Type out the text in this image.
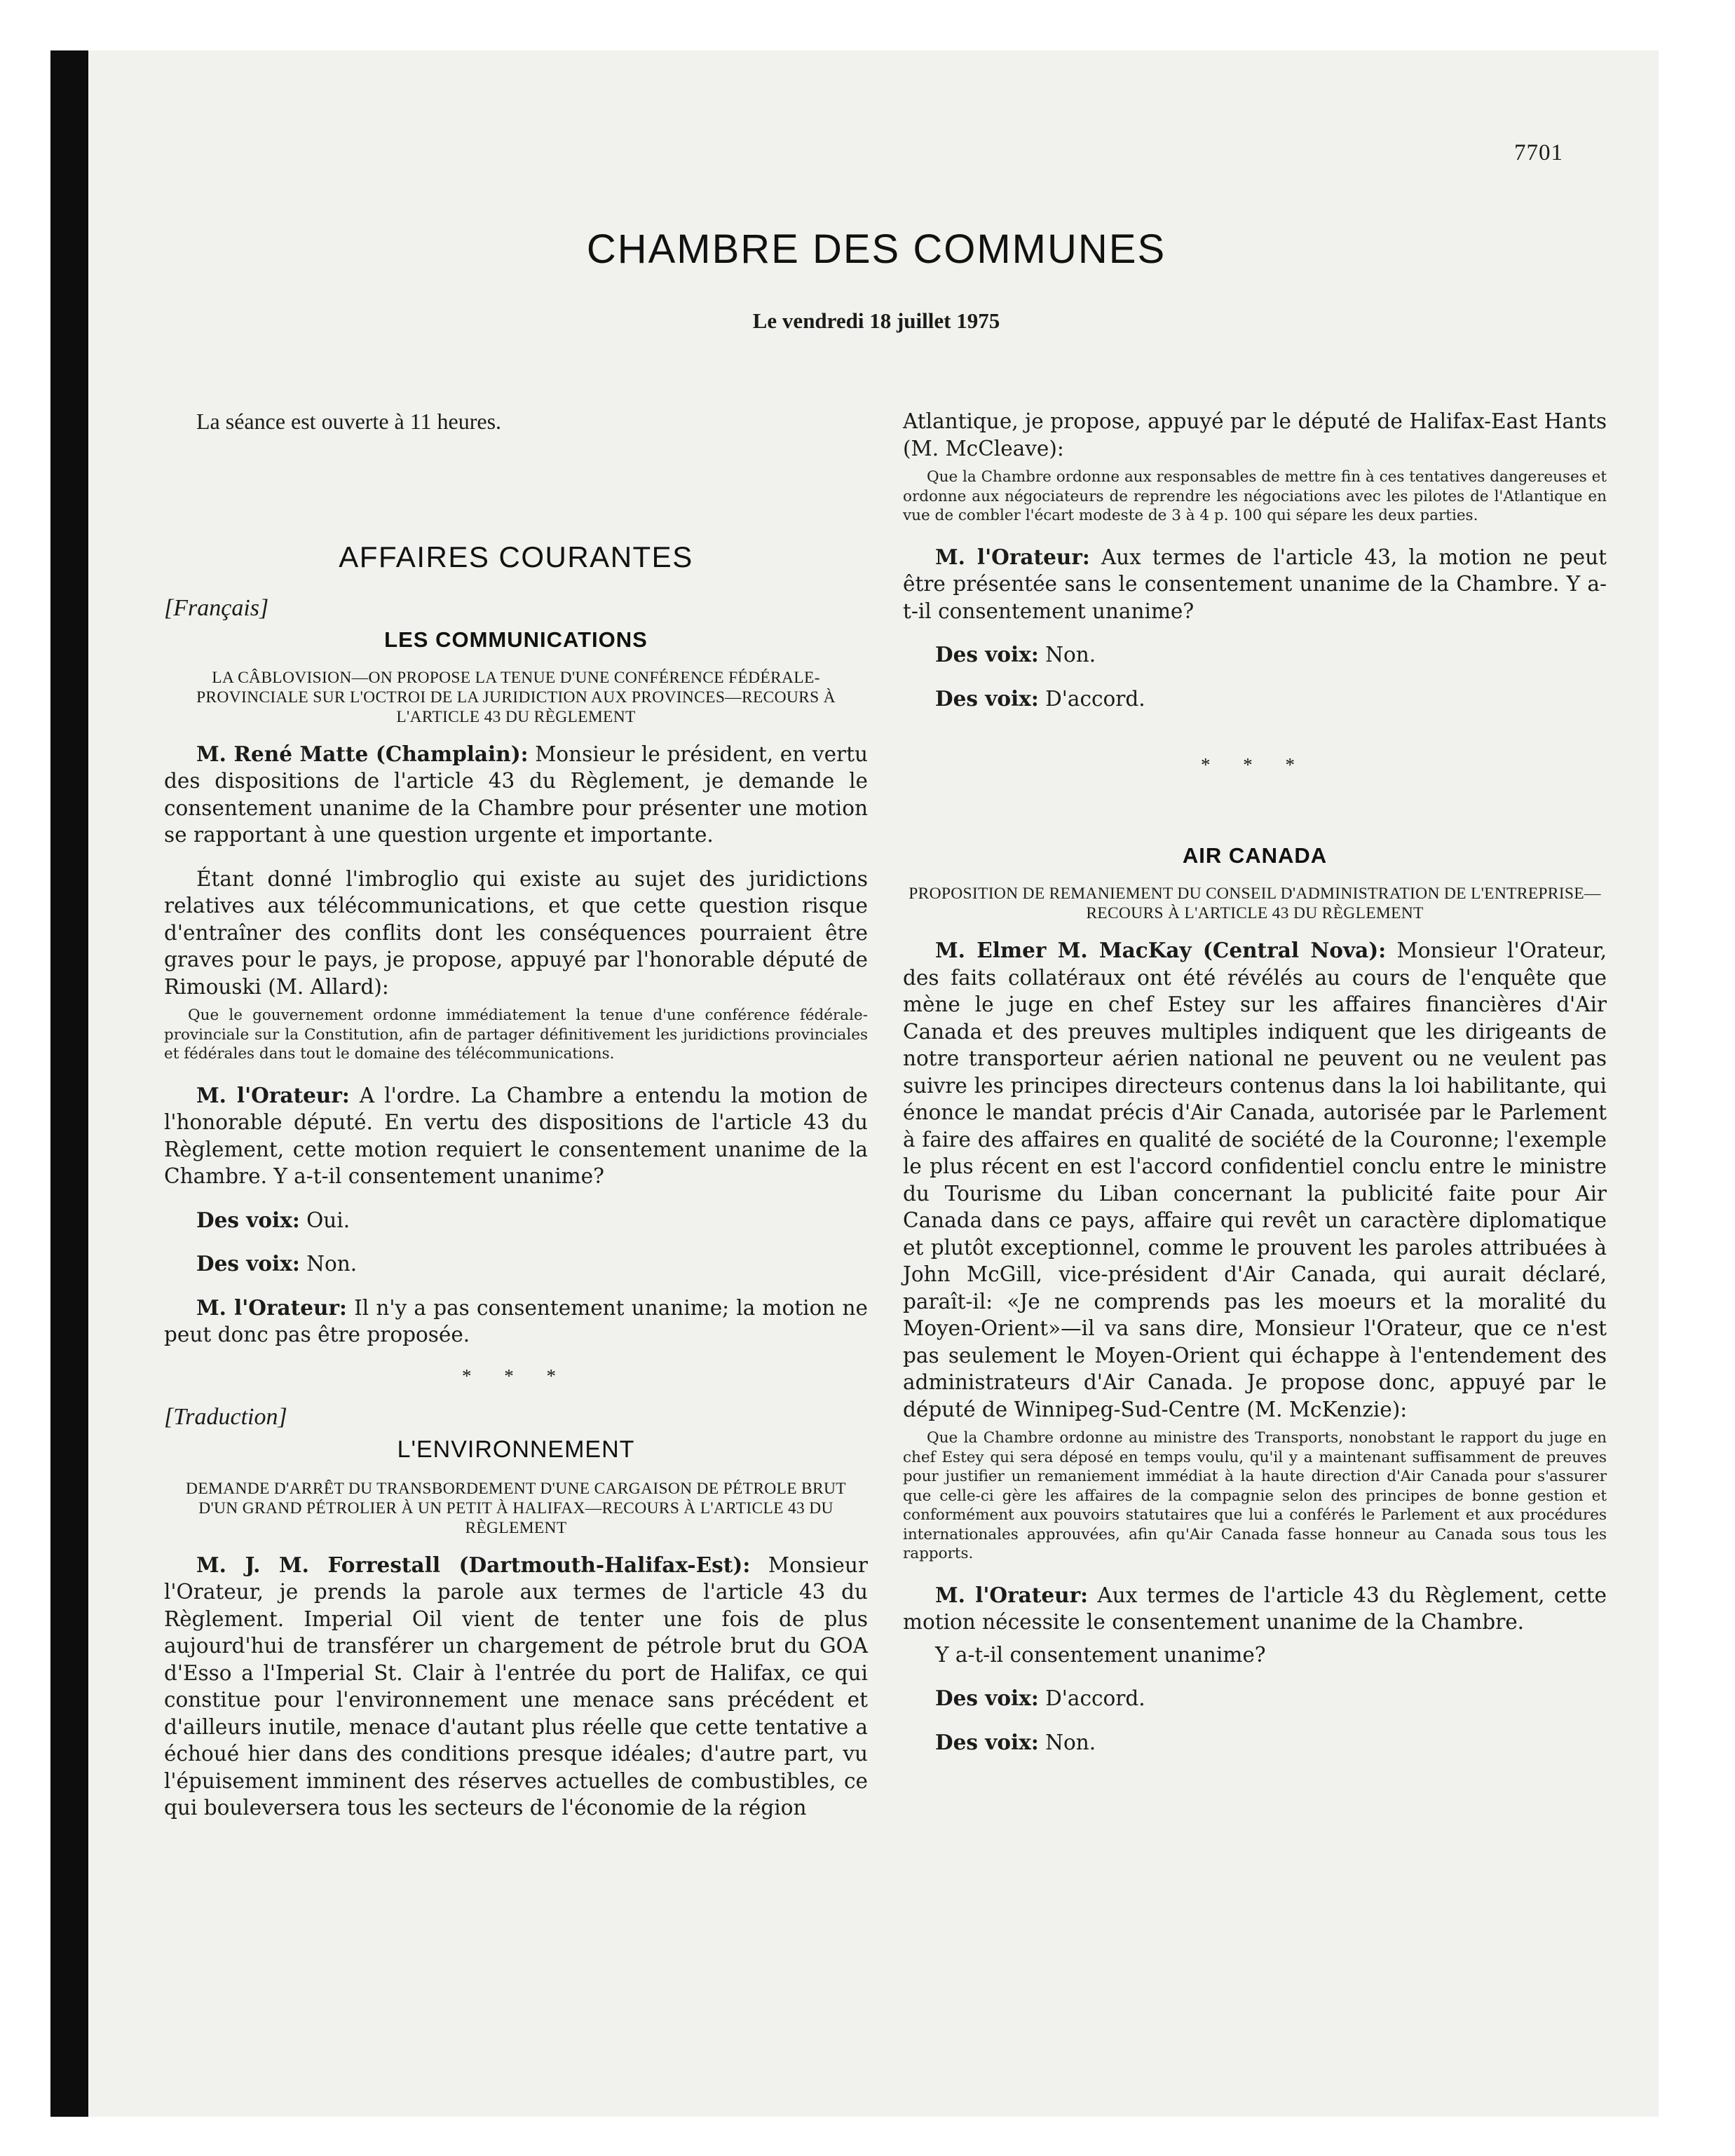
7701
CHAMBRE DES COMMUNES
Le vendredi 18 juillet 1975

La séance est ouverte à 11 heures.

AFFAIRES COURANTES
[Français]
LES COMMUNICATIONS
LA CÂBLOVISION—ON PROPOSE LA TENUE D'UNE CONFÉRENCE FÉDÉRALE-PROVINCIALE SUR L'OCTROI DE LA JURIDICTION AUX PROVINCES—RECOURS À L'ARTICLE 43 DU RÈGLEMENT

M. René Matte (Champlain): Monsieur le président, en vertu des dispositions de l'article 43 du Règlement, je demande le consentement unanime de la Chambre pour présenter une motion se rapportant à une question urgente et importante.

Étant donné l'imbroglio qui existe au sujet des juridictions relatives aux télécommunications, et que cette question risque d'entraîner des conflits dont les conséquences pourraient être graves pour le pays, je propose, appuyé par l'honorable député de Rimouski (M. Allard):

Que le gouvernement ordonne immédiatement la tenue d'une conférence fédérale-provinciale sur la Constitution, afin de partager définitivement les juridictions provinciales et fédérales dans tout le domaine des télécommunications.

M. l'Orateur: A l'ordre. La Chambre a entendu la motion de l'honorable député. En vertu des dispositions de l'article 43 du Règlement, cette motion requiert le consentement unanime de la Chambre. Y a-t-il consentement unanime?

Des voix: Oui.

Des voix: Non.

M. l'Orateur: Il n'y a pas consentement unanime; la motion ne peut donc pas être proposée.

* * *
[Traduction]
L'ENVIRONNEMENT
DEMANDE D'ARRÊT DU TRANSBORDEMENT D'UNE CARGAISON DE PÉTROLE BRUT D'UN GRAND PÉTROLIER À UN PETIT À HALIFAX—RECOURS À L'ARTICLE 43 DU RÈGLEMENT

M. J. M. Forrestall (Dartmouth-Halifax-Est): Monsieur l'Orateur, je prends la parole aux termes de l'article 43 du Règlement. Imperial Oil vient de tenter une fois de plus aujourd'hui de transférer un chargement de pétrole brut du GOA d'Esso a l'Imperial St. Clair à l'entrée du port de Halifax, ce qui constitue pour l'environnement une menace sans précédent et d'ailleurs inutile, menace d'autant plus réelle que cette tentative a échoué hier dans des conditions presque idéales; d'autre part, vu l'épuisement imminent des réserves actuelles de combustibles, ce qui bouleversera tous les secteurs de l'économie de la région

Atlantique, je propose, appuyé par le député de Halifax-East Hants (M. McCleave):

Que la Chambre ordonne aux responsables de mettre fin à ces tentatives dangereuses et ordonne aux négociateurs de reprendre les négociations avec les pilotes de l'Atlantique en vue de combler l'écart modeste de 3 à 4 p. 100 qui sépare les deux parties.

M. l'Orateur: Aux termes de l'article 43, la motion ne peut être présentée sans le consentement unanime de la Chambre. Y a-t-il consentement unanime?

Des voix: Non.

Des voix: D'accord.

* * *
AIR CANADA
PROPOSITION DE REMANIEMENT DU CONSEIL D'ADMINISTRATION DE L'ENTREPRISE—RECOURS À L'ARTICLE 43 DU RÈGLEMENT

M. Elmer M. MacKay (Central Nova): Monsieur l'Orateur, des faits collatéraux ont été révélés au cours de l'enquête que mène le juge en chef Estey sur les affaires financières d'Air Canada et des preuves multiples indiquent que les dirigeants de notre transporteur aérien national ne peuvent ou ne veulent pas suivre les principes directeurs contenus dans la loi habilitante, qui énonce le mandat précis d'Air Canada, autorisée par le Parlement à faire des affaires en qualité de société de la Couronne; l'exemple le plus récent en est l'accord confidentiel conclu entre le ministre du Tourisme du Liban concernant la publicité faite pour Air Canada dans ce pays, affaire qui revêt un caractère diplomatique et plutôt exceptionnel, comme le prouvent les paroles attribuées à John McGill, vice-président d'Air Canada, qui aurait déclaré, paraît-il: «Je ne comprends pas les moeurs et la moralité du Moyen-Orient»—il va sans dire, Monsieur l'Orateur, que ce n'est pas seulement le Moyen-Orient qui échappe à l'entendement des administrateurs d'Air Canada. Je propose donc, appuyé par le député de Winnipeg-Sud-Centre (M. McKenzie):

Que la Chambre ordonne au ministre des Transports, nonobstant le rapport du juge en chef Estey qui sera déposé en temps voulu, qu'il y a maintenant suffisamment de preuves pour justifier un remaniement immédiat à la haute direction d'Air Canada pour s'assurer que celle-ci gère les affaires de la compagnie selon des principes de bonne gestion et conformément aux pouvoirs statutaires que lui a conférés le Parlement et aux procédures internationales approuvées, afin qu'Air Canada fasse honneur au Canada sous tous les rapports.

M. l'Orateur: Aux termes de l'article 43 du Règlement, cette motion nécessite le consentement unanime de la Chambre.

Y a-t-il consentement unanime?

Des voix: D'accord.

Des voix: Non.
